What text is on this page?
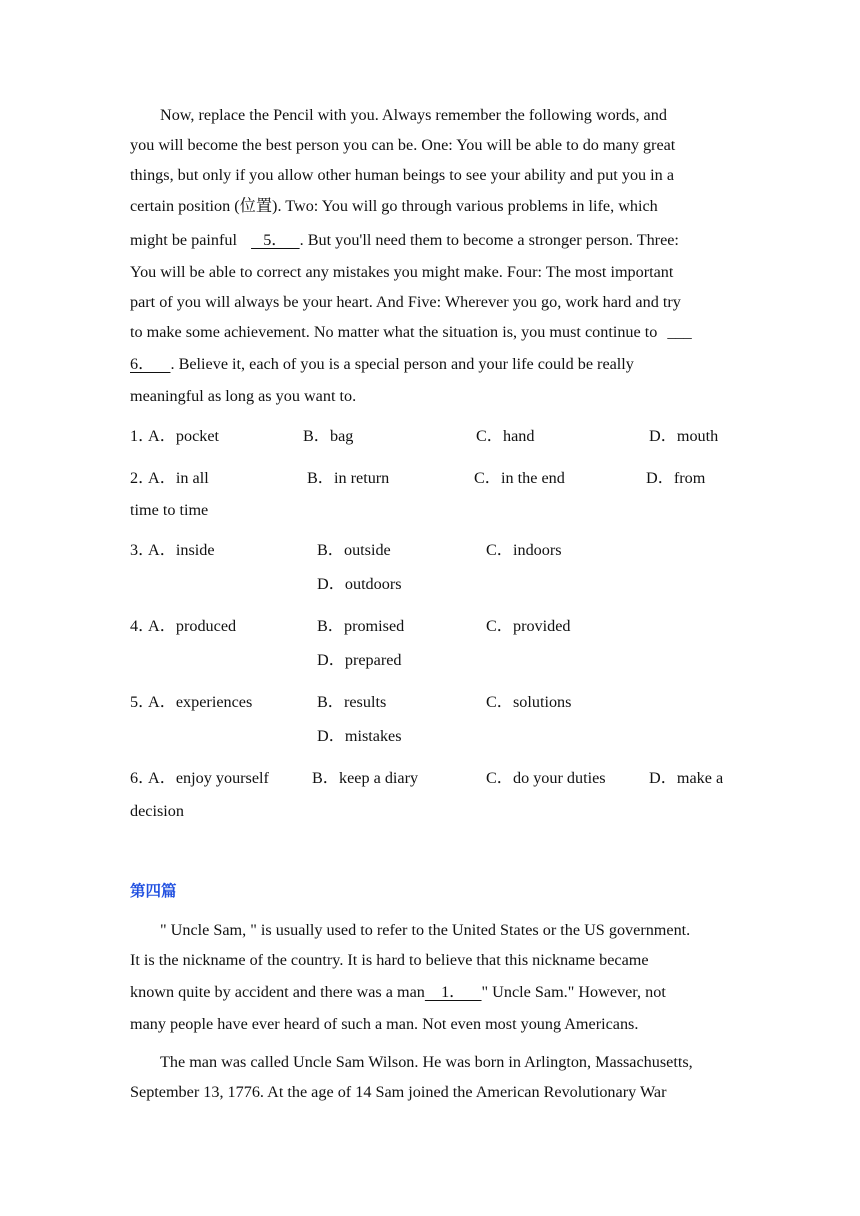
Now, replace the Pencil with you. Always remember the following words, and
you will become the best person you can be. One: You will be able to do many great
things, but only if you allow other human beings to see your ability and put you in a
certain position (位置). Two: You will go through various problems in life, which
might be painful    5．   . But you'll need them to become a stronger person. Three:
You will be able to correct any mistakes you might make. Four: The most important
part of you will always be your heart. And Five: Wherever you go, work hard and try
to make some achievement. No matter what the situation is, you must continue to ___
6．    . Believe it, each of you is a special person and your life could be really
meaningful as long as you want to.
1．
A．pocket	B．bag	C．hand	D．mouth
2．
A．in all	B．in return	C．in the end	D．from
time to time
3．
A．inside	B．outside	C．indoors
D．outdoors
4．
A．produced	B．promised	C．provided
D．prepared
5．
A．experiences	B．results	C．solutions
D．mistakes
6．
A．enjoy yourself	B．keep a diary	C．do your duties	D．make a
decision
第四篇
" Uncle Sam, " is usually used to refer to the United States or the US government.
It is the nickname of the country. It is hard to believe that this nickname became
known quite by accident and there was a man    1．    " Uncle Sam." However, not
many people have ever heard of such a man. Not even most young Americans.
The man was called Uncle Sam Wilson. He was born in Arlington, Massachusetts,
September 13, 1776. At the age of 14 Sam joined the American Revolutionary War
